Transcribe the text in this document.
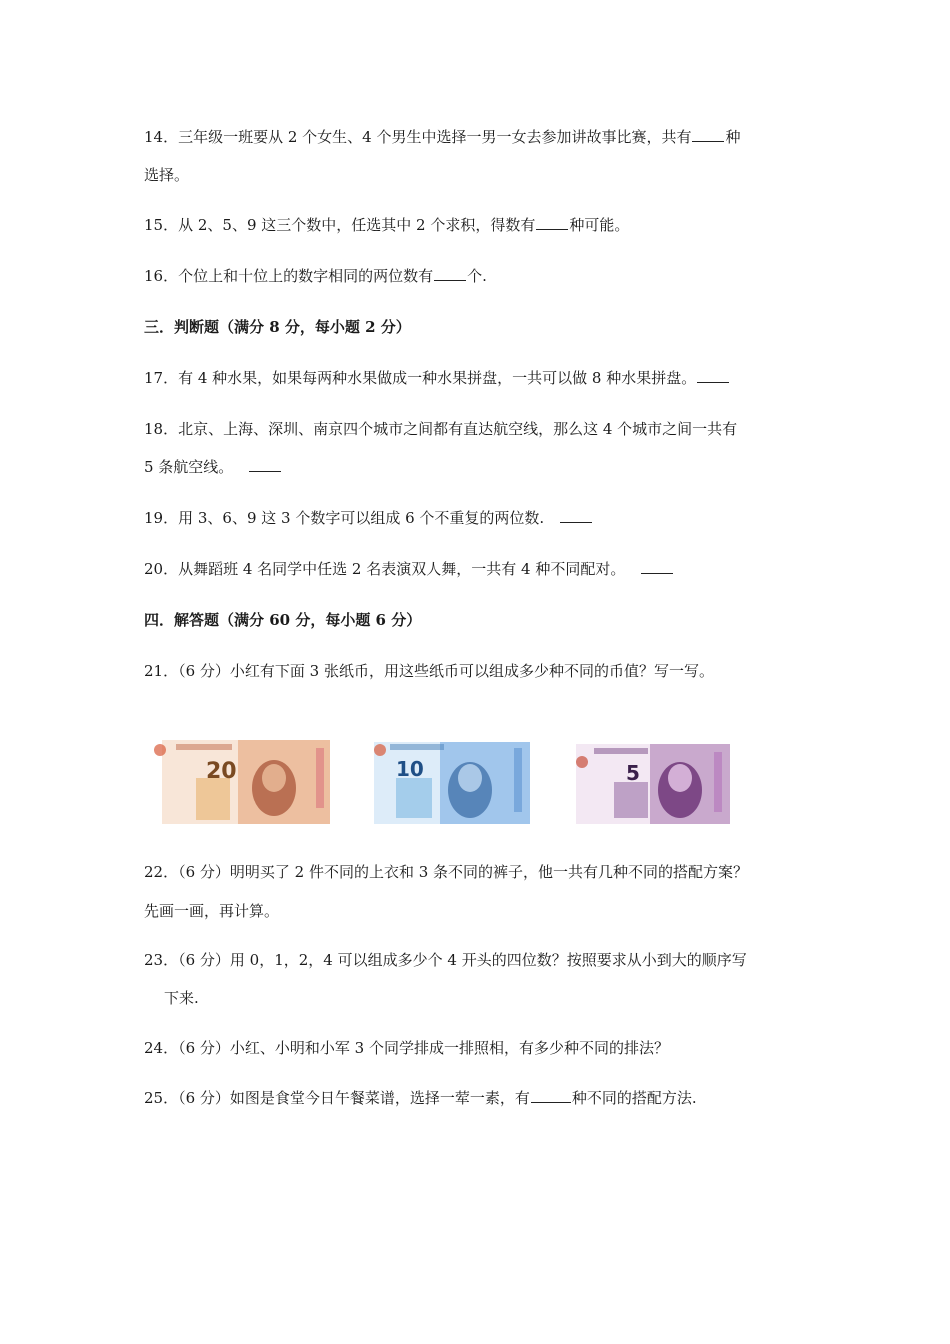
14．三年级一班要从 2 个女生、4 个男生中选择一男一女去参加讲故事比赛，共有 种
选择。
15．从 2、5、9 这三个数中，任选其中 2 个求积，得数有 种可能。
16．个位上和十位上的数字相同的两位数有 个.
三．判断题（满分 8 分，每小题 2 分）
17．有 4 种水果，如果每两种水果做成一种水果拼盘，一共可以做 8 种水果拼盘。
18．北京、上海、深圳、南京四个城市之间都有直达航空线，那么这 4 个城市之间一共有
5 条航空线。
19．用 3、6、9 这 3 个数字可以组成 6 个不重复的两位数.
20．从舞蹈班 4 名同学中任选 2 名表演双人舞，一共有 4 种不同配对。
四．解答题（满分 60 分，每小题 6 分）
21．（6 分）小红有下面 3 张纸币，用这些纸币可以组成多少种不同的币值？写一写。
20	10	5
22．（6 分）明明买了 2 件不同的上衣和 3 条不同的裤子，他一共有几种不同的搭配方案？
先画一画，再计算。
23．（6 分）用 0，1，2，4 可以组成多少个 4 开头的四位数？按照要求从小到大的顺序写
下来.
24．（6 分）小红、小明和小军 3 个同学排成一排照相，有多少种不同的排法？
25．（6 分）如图是食堂今日午餐菜谱，选择一荤一素，有	种不同的搭配方法.
